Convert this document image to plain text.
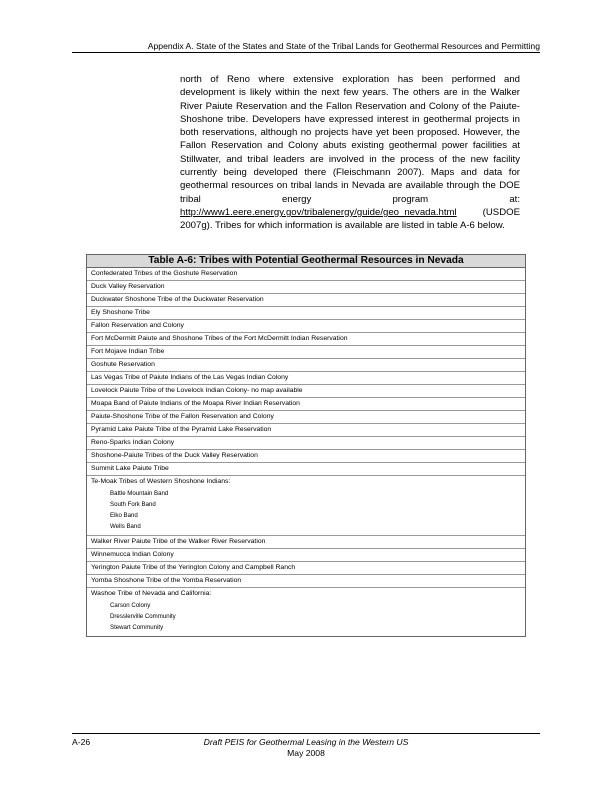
Appendix A. State of the States and State of the Tribal Lands for Geothermal Resources and Permitting

north of Reno where extensive exploration has been performed and development is likely within the next few years. The others are in the Walker River Paiute Reservation and the Fallon Reservation and Colony of the Paiute-Shoshone tribe. Developers have expressed interest in geothermal projects in both reservations, although no projects have yet been proposed. However, the Fallon Reservation and Colony abuts existing geothermal power facilities at Stillwater, and tribal leaders are involved in the process of the new facility currently being developed there (Fleischmann 2007). Maps and data for geothermal resources on tribal lands in Nevada are available through the DOE tribal energy program at: http://www1.eere.energy.gov/tribalenergy/guide/geo_nevada.html (USDOE 2007g). Tribes for which information is available are listed in table A-6 below.

Table A-6: Tribes with Potential Geothermal Resources in Nevada
Confederated Tribes of the Goshute Reservation
Duck Valley Reservation
Duckwater Shoshone Tribe of the Duckwater Reservation
Ely Shoshone Tribe
Fallon Reservation and Colony
Fort McDermitt Paiute and Shoshone Tribes of the Fort McDermitt Indian Reservation
Fort Mojave Indian Tribe
Goshute Reservation
Las Vegas Tribe of Paiute Indians of the Las Vegas Indian Colony
Lovelock Paiute Tribe of the Lovelock Indian Colony- no map available
Moapa Band of Paiute Indians of the Moapa River Indian Reservation
Paiute-Shoshone Tribe of the Fallon Reservation and Colony
Pyramid Lake Paiute Tribe of the Pyramid Lake Reservation
Reno-Sparks Indian Colony
Shoshone-Paiute Tribes of the Duck Valley Reservation
Summit Lake Paiute Tribe
Te-Moak Tribes of Western Shoshone Indians:
Battle Mountain Band
South Fork Band
Elko Band
Wells Band
Walker River Paiute Tribe of the Walker River Reservation
Winnemucca Indian Colony
Yerington Paiute Tribe of the Yerington Colony and Campbell Ranch
Yomba Shoshone Tribe of the Yomba Reservation
Washoe Tribe of Nevada and California:
Carson Colony
Dresslerville Community
Stewart Community
A-26	Draft PEIS for Geothermal Leasing in the Western US
May 2008
